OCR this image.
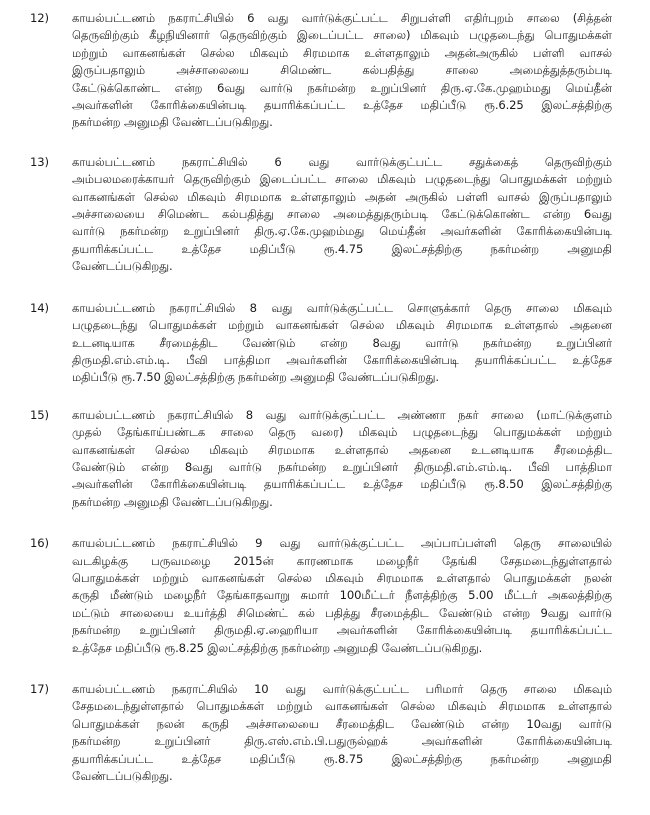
12)	காயல்பட்டணம் நகராட்சியில் 6 வது வார்டுக்குட்பட்ட சிறுபள்ளி எதிர்புறம் சாலை (சித்தன்
தெருவிற்கும் கீழநியினார் தெருவிற்கும் இடைப்பட்ட சாலை) மிகவும் பழுதடைந்து பொதுமக்கள்
மற்றும் வாகனங்கள் செல்ல மிகவும் சிரமமாக உள்ளதாலும் அதன்அருகில் பள்ளி வாசல்
இருப்பதாலும் அச்சாலையை சிமெண்ட கல்பதித்து சாலை அமைத்துத்தரும்படி
கேட்டுக்கொண்ட என்ற 6வது வார்டு நகர்மன்ற உறுப்பினர் திரு.ஏ.கே.முஹம்மது மெய்தீன்
அவர்களின் கோரிக்கையின்படி தயாரிக்கப்பட்ட உத்தேச மதிப்பீடு ரூ.6.25 இலட்சத்திற்கு
நகர்மன்ற அனுமதி வேண்டப்படுகிறது.
13)	காயல்பட்டணம் நகராட்சியில் 6 வது வார்டுக்குட்பட்ட சதுக்கைத் தெருவிற்கும்
அம்பலமரைக்காயர் தெருவிற்கும் இடைப்பட்ட சாலை மிகவும் பழுதடைந்து பொதுமக்கள் மற்றும்
வாகனங்கள் செல்ல மிகவும் சிரமமாக உள்ளதாலும் அதன் அருகில் பள்ளி வாசல் இருப்பதாலும்
அச்சாலையை சிமெண்ட கல்பதித்து சாலை அமைத்துதரும்படி கேட்டுக்கொண்ட என்ற 6வது
வார்டு நகர்மன்ற உறுப்பினர் திரு.ஏ.கே.முஹம்மது மெய்தீன் அவர்களின் கோரிக்கையின்படி
தயாரிக்கப்பட்ட உத்தேச மதிப்பீடு ரூ.4.75 இலட்சத்திற்கு நகர்மன்ற அனுமதி
வேண்டப்படுகிறது.
14)	காயல்பட்டணம் நகராட்சியில் 8 வது வார்டுக்குட்பட்ட சொளுக்கார் தெரு சாலை மிகவும்
பழுதடைந்து பொதுமக்கள் மற்றும் வாகனங்கள் செல்ல மிகவும் சிரமமாக உள்ளதால் அதனை
உடனடியாக சீரமைத்திட வேண்டும் என்ற 8வது வார்டு நகர்மன்ற உறுப்பினர்
திருமதி.எம்.எம்.டி. பீவி பாத்திமா அவர்களின் கோரிக்கையின்படி தயாரிக்கப்பட்ட உத்தேச
மதிப்பீடு ரூ.7.50 இலட்சத்திற்கு நகர்மன்ற அனுமதி வேண்டப்படுகிறது.
15)	காயல்பட்டணம் நகராட்சியில் 8 வது வார்டுக்குட்பட்ட அண்ணா நகர் சாலை (மாட்டுக்குளம்
முதல் தேங்காய்பண்டக சாலை தெரு வரை) மிகவும் பழுதடைந்து பொதுமக்கள் மற்றும்
வாகனங்கள் செல்ல மிகவும் சிரமமாக உள்ளதால் அதனை உடனடியாக சீரமைத்திட
வேண்டும் என்ற 8வது வார்டு நகர்மன்ற உறுப்பினர் திருமதி.எம்.எம்.டி. பீவி பாத்திமா
அவர்களின் கோரிக்கையின்படி தயாரிக்கப்பட்ட உத்தேச மதிப்பீடு ரூ.8.50 இலட்சத்திற்கு
நகர்மன்ற அனுமதி வேண்டப்படுகிறது.
16)	காயல்பட்டணம் நகராட்சியில் 9 வது வார்டுக்குட்பட்ட அப்பாப்பள்ளி தெரு சாலையில்
வடகிழக்கு பருவமழை 2015ன் காரணமாக மழைநீர் தேங்கி சேதமடைந்துள்ளதால்
பொதுமக்கள் மற்றும் வாகனங்கள் செல்ல மிகவும் சிரமமாக உள்ளதால் பொதுமக்கள் நலன்
கருதி மீண்டும் மழைநீர் தேங்காதவாறு சுமார் 100மீட்டர் நீளத்திற்கு 5.00 மீட்டர் அகலத்திற்கு
மட்டும் சாலையை உயர்த்தி சிமெண்ட் கல் பதித்து சீரமைத்திட வேண்டும் என்ற 9வது வார்டு
நகர்மன்ற உறுப்பினர் திருமதி.ஏ.ஹைரியா அவர்களின் கோரிக்கையின்படி தயாரிக்கப்பட்ட
உத்தேச மதிப்பீடு ரூ.8.25 இலட்சத்திற்கு நகர்மன்ற அனுமதி வேண்டப்படுகிறது.
17)	காயல்பட்டணம் நகராட்சியில் 10 வது வார்டுக்குட்பட்ட பரிமார் தெரு சாலை மிகவும்
சேதமடைந்துள்ளதால் பொதுமக்கள் மற்றும் வாகனங்கள் செல்ல மிகவும் சிரமமாக உள்ளதால்
பொதுமக்கள் நலன் கருதி அச்சாலையை சீரமைத்திட வேண்டும் என்ற 10வது வார்டு
நகர்மன்ற உறுப்பினர் திரு.எஸ்.எம்.பி.பதுருல்ஹக் அவர்களின் கோரிக்கையின்படி
தயாரிக்கப்பட்ட உத்தேச மதிப்பீடு ரூ.8.75 இலட்சத்திற்கு நகர்மன்ற அனுமதி
வேண்டப்படுகிறது.
